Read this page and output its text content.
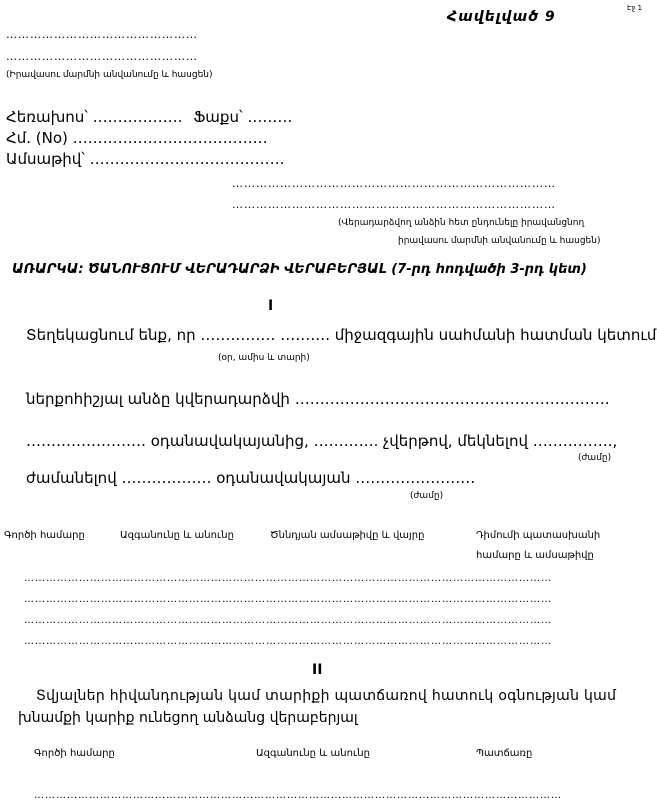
Հավելված 9
Էջ 1
…………………………………………
…………………………………………
(Իրավասու մարմնի անվանումը և հասցեն)
Հեռախոս՝ ……………… Ֆաքս՝ ………
Հմ. (No) …………………………………
Ամսաթիվ՝ …………………………………
………………………………………………………………………
………………………………………………………………………
(Վերադարձվող անձին հետ ընդունելը իրավանցնող
իրավասու մարմնի անվանումը և հասցեն)
ԱՌԱՐԿԱ: ԾԱՆՈՒՑՈՒՄ ՎԵՐԱԴԱՐՁԻ ՎԵՐԱԲԵՐՅԱԼ (7-րդ հոդվածի 3-րդ կետ)
I
Տեղեկացնում ենք, որ …………… ………. միջազգային սահմանի հատման կետում
(օր, ամիս և տարի)
ներքոհիշյալ անձը կվերադարձվի ………………………………………………………
…………………… օդանավակայանից, …………. չվերթով, մեկնելով …………….,
(ժամը)
ժամանելով ……………… օդանավակայան ……………………
(ժամը)
Գործի համարը	Ազգանունը և անունը	Ծննդյան ամսաթիվը և վայրը	Դիմումի պատասխանի
համարը և ամսաթիվը
………………………………………………………………………………………………………………………………
………………………………………………………………………………………………………………………………
………………………………………………………………………………………………………………………………
………………………………………………………………………………………………………………………………
II
Տվյալներ հիվանդության կամ տարիքի պատճառով հատուկ օգնության կամ
խնամքի կարիք ունեցող անձանց վերաբերյալ
Գործի համարը	Ազգանունը և անունը	Պատճառը
………………………………………………………………………………………………………………………………
